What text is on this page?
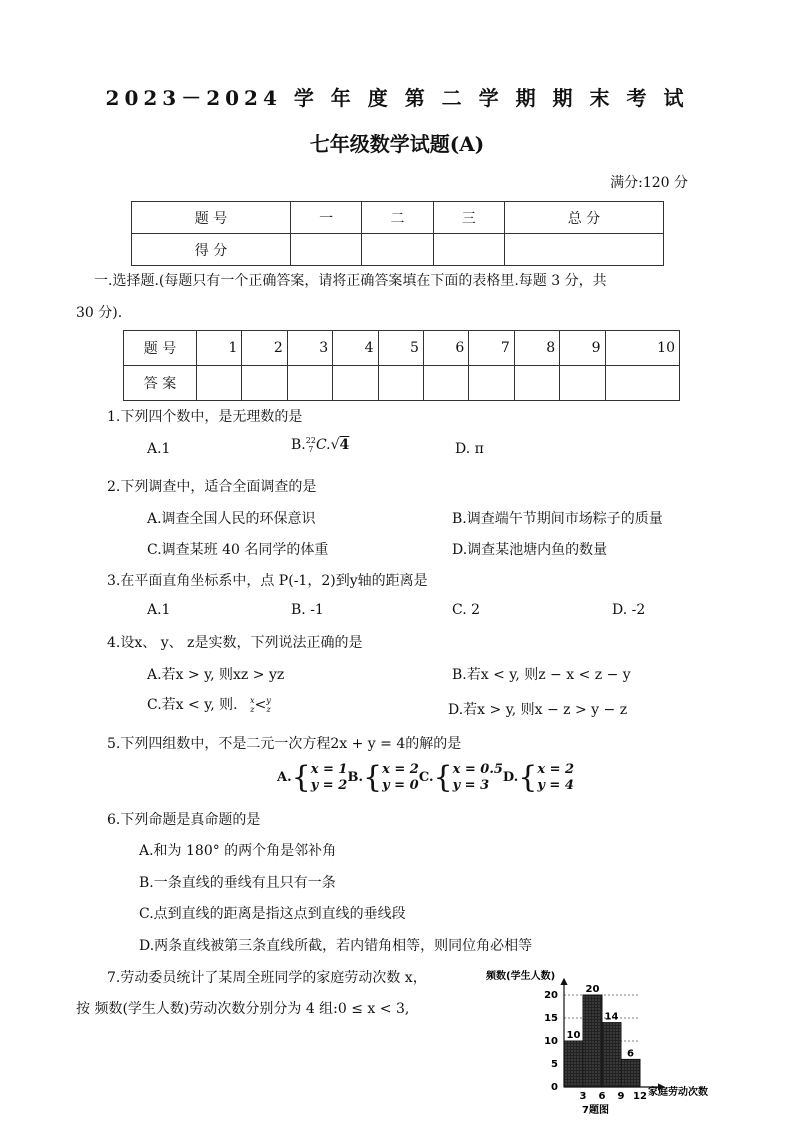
2023－2024 学 年 度 第 二 学 期 期 末 考 试
七年级数学试题(A)
满分:120 分
题 号	一	二	三	总 分
得 分				
一.选择题.(每题只有一个正确答案，请将正确答案填在下面的表格里.每题 3 分，共
30 分).
题 号	1	2	3	4	5	6	7	8	9	10
答 案										
1.下列四个数中，是无理数的是
A.1	B. 22
7 C.√4	D. π
2.下列调查中，适合全面调查的是
A.调查全国人民的环保意识	B.调查端午节期间市场粽子的质量
C.调查某班 40 名同学的体重	D.调查某池塘内鱼的数量
3.在平面直角坐标系中，点 P(-1，2)到y轴的距离是
A.1	B. -1	C. 2	D. -2
4.设x、 y、 z是实数，下列说法正确的是
A.若x > y, 则xz > yz	B.若x < y, 则z − x < z − y
C.若x < y, 则. x
z < y
z	D.若x > y, 则x − z > y − z
5.下列四组数中，不是二元一次方程2x + y = 4的解的是
A.{ x = 1
y = 2 B.{ x = 2
y = 0 C.{ x = 0.5
y = 3	D.{ x = 2
y = 4
6.下列命题是真命题的是
A.和为 180° 的两个角是邻补角
B.一条直线的垂线有且只有一条
C.点到直线的距离是指这点到直线的垂线段
D.两条直线被第三条直线所截，若内错角相等，则同位角必相等
7.劳动委员统计了某周全班同学的家庭劳动次数 x，
按 频数(学生人数)劳动次数分别分为 4 组:0 ≤ x < 3,
频数(学生人数)
家庭劳动次数
7题图
0
5
10
15
20
3 6 9 12
10
20
14
6
